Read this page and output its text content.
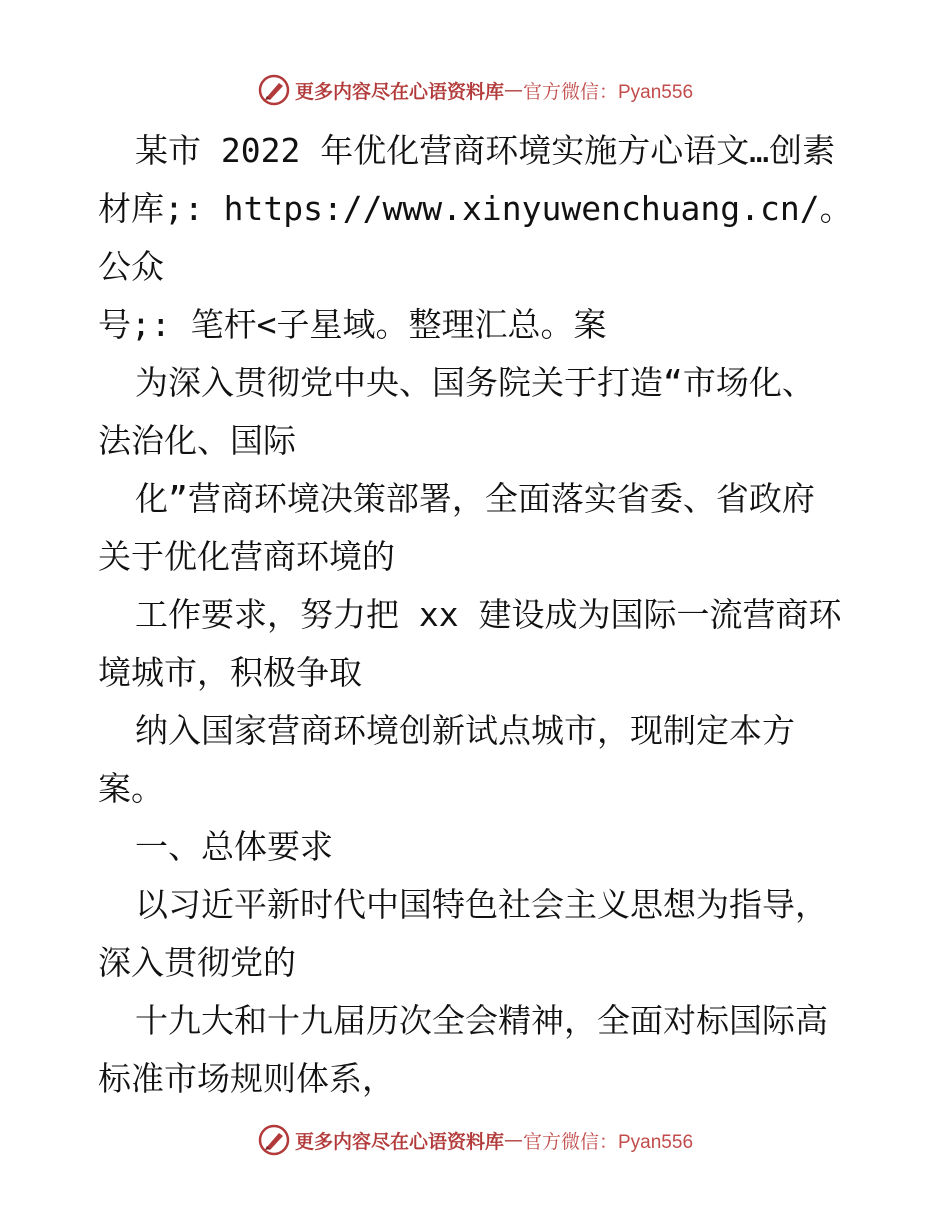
更多内容尽在心语资料库 — 官方微信：Pyan556

某市 2022 年优化营商环境实施方心语文…创素

材库;: https://www.xinyuwenchuang.cn/。公众

号;: 笔杆<子星域。整理汇总。案

为深入贯彻党中央、国务院关于打造“市场化、

法治化、国际

化”营商环境决策部署，全面落实省委、省政府

关于优化营商环境的

工作要求，努力把 xx 建设成为国际一流营商环

境城市，积极争取

纳入国家营商环境创新试点城市，现制定本方

案。

一、总体要求

以习近平新时代中国特色社会主义思想为指导，

深入贯彻党的

十九大和十九届历次全会精神，全面对标国际高

标准市场规则体系，

更多内容尽在心语资料库 — 官方微信：Pyan556
